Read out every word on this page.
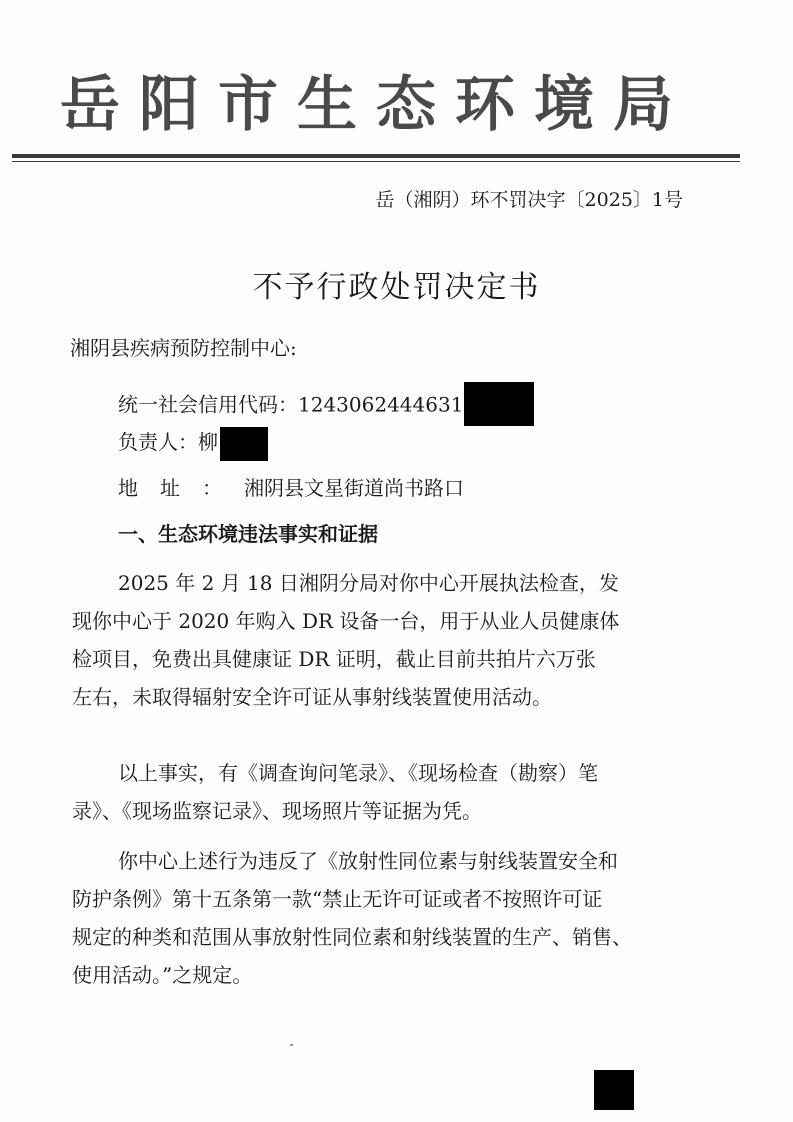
岳阳市生态环境局
岳（湘阴）环不罚决字〔2025〕1号
不予行政处罚决定书
湘阴县疾病预防控制中心:
统一社会信用代码：1243062444631
负责人：柳
地址：湘阴县文星街道尚书路口
一、生态环境违法事实和证据
2025 年 2 月 18 日湘阴分局对你中心开展执法检查，发
现你中心于 2020 年购入 DR 设备一台，用于从业人员健康体
检项目，免费出具健康证 DR 证明，截止目前共拍片六万张
左右，未取得辐射安全许可证从事射线装置使用活动。
以上事实，有《调查询问笔录》、《现场检查（勘察）笔
录》、《现场监察记录》、现场照片等证据为凭。
你中心上述行为违反了《放射性同位素与射线装置安全和
防护条例》第十五条第一款“禁止无许可证或者不按照许可证
规定的种类和范围从事放射性同位素和射线装置的生产、销售、
使用活动。”之规定。
